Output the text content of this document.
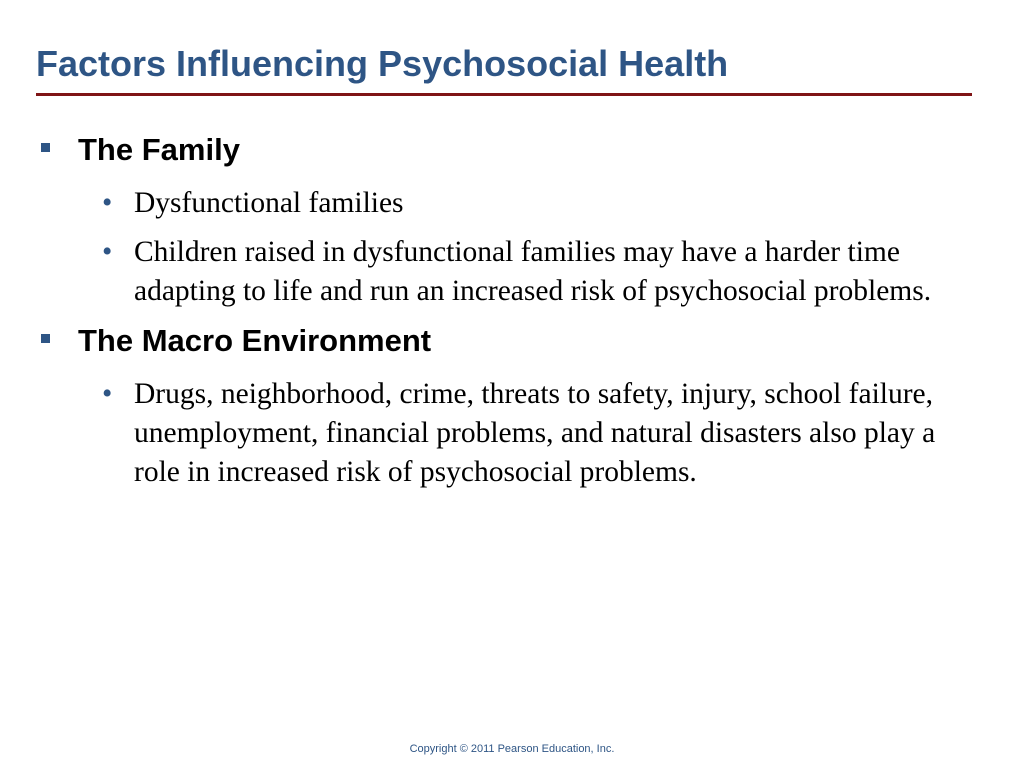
Factors Influencing Psychosocial Health
The Family
• Dysfunctional families
• Children raised in dysfunctional families may have a harder time adapting to life and run an increased risk of psychosocial problems.
The Macro Environment
• Drugs, neighborhood, crime, threats to safety, injury, school failure, unemployment, financial problems, and natural disasters also play a role in increased risk of psychosocial problems.
Copyright © 2011 Pearson Education, Inc.
